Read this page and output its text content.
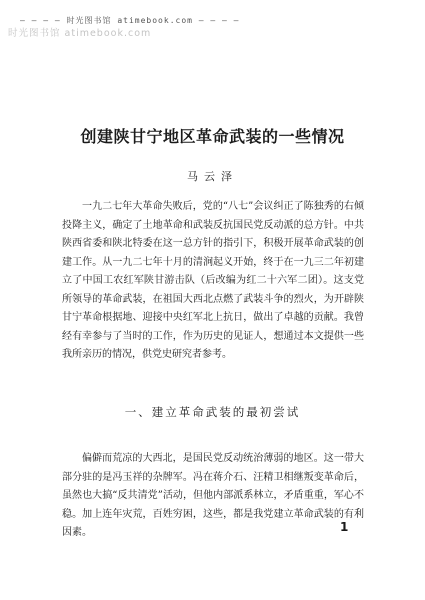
— — — — 时光图书馆 atimebook.com — — — —
时光图书馆 atimebook.com
创建陕甘宁地区革命武装的一些情况
马云泽
一九二七年大革命失败后，党的“八七”会议纠正了陈独秀的右倾投降主义，确定了土地革命和武装反抗国民党反动派的总方针。中共陕西省委和陕北特委在这一总方针的指引下，积极开展革命武装的创建工作。从一九二七年十月的清涧起义开始，终于在一九三二年初建立了中国工农红军陕甘游击队（后改编为红二十六军二团）。这支党所领导的革命武装，在祖国大西北点燃了武装斗争的烈火，为开辟陕甘宁革命根据地、迎接中央红军北上抗日，做出了卓越的贡献。我曾经有幸参与了当时的工作，作为历史的见证人，想通过本文提供一些我所亲历的情况，供党史研究者参考。
一、建立革命武装的最初尝试
偏僻而荒凉的大西北，是国民党反动统治薄弱的地区。这一带大部分驻的是冯玉祥的杂牌军。冯在蒋介石、汪精卫相继叛变革命后，虽然也大搞“反共清党”活动，但他内部派系林立，矛盾重重，军心不稳。加上连年灾荒，百姓穷困，这些，都是我党建立革命武装的有利因素。	1
